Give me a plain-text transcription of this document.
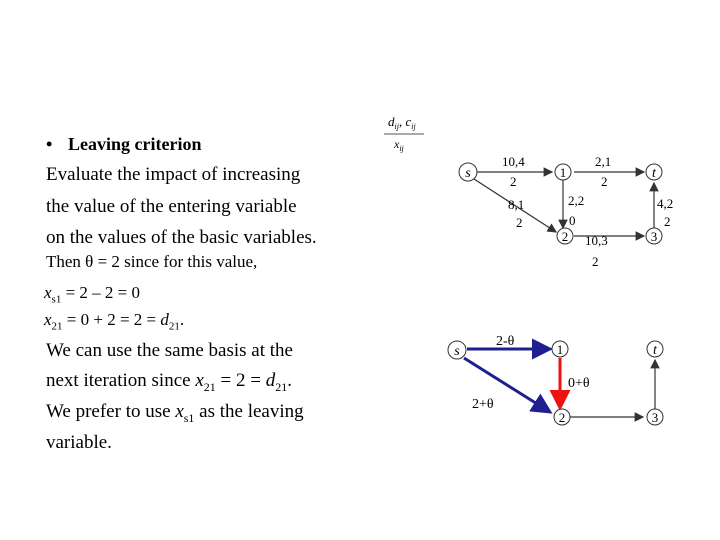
• Leaving criterion
Evaluate the impact of increasing
the value of the entering variable
on the values of the basic variables.
Then θ = 2 since for this value,
$x_{s1} = 2 - 2 = 0$
$x_{21} = 0 + 2 = 2 = d_{21}$.
We can use the same basis at the
next iteration since $x_{21} = 2 = d_{21}$.
We prefer to use $x_{s1}$ as the leaving
variable.
$d_{ij}$, $c_{ij}$
$x_{ij}$
s	1	t
2	3
10,4
2
2,1
2
8,1
2
2,2
0
10,3
2
4,2
2
s	1	t
2	3
2-θ
0+θ
2+θ
